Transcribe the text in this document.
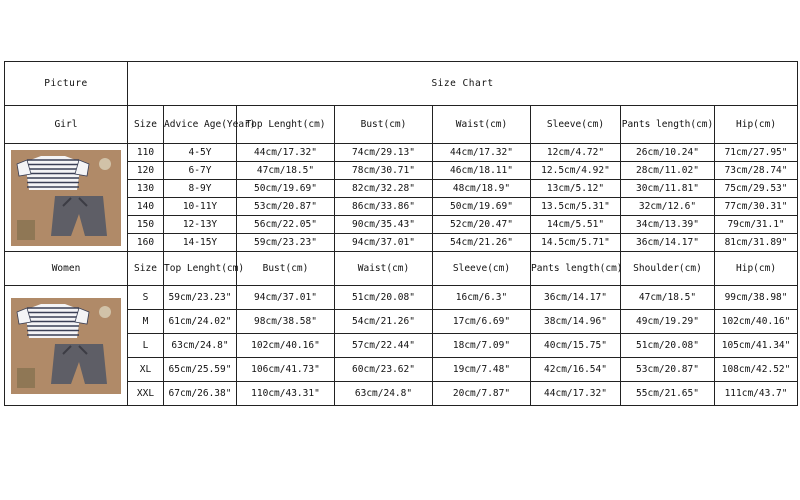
Picture	Size Chart							
Girl	Size	Advice Age(Year)	Top Lenght(cm)	Bust(cm)	Waist(cm)	Sleeve(cm)	Pants length(cm)	Hip(cm)

	110	4-5Y	44cm/17.32"	74cm/29.13"	44cm/17.32"	12cm/4.72"	26cm/10.24"	71cm/27.95"
	120	6-7Y	47cm/18.5"	78cm/30.71"	46cm/18.11"	12.5cm/4.92"	28cm/11.02"	73cm/28.74"
	130	8-9Y	50cm/19.69"	82cm/32.28"	48cm/18.9"	13cm/5.12"	30cm/11.81"	75cm/29.53"
	140	10-11Y	53cm/20.87"	86cm/33.86"	50cm/19.69"	13.5cm/5.31"	32cm/12.6"	77cm/30.31"
	150	12-13Y	56cm/22.05"	90cm/35.43"	52cm/20.47"	14cm/5.51"	34cm/13.39"	79cm/31.1"
	160	14-15Y	59cm/23.23"	94cm/37.01"	54cm/21.26"	14.5cm/5.71"	36cm/14.17"	81cm/31.89"
Women	Size	Top Lenght(cm)	Bust(cm)	Waist(cm)	Sleeve(cm)	Pants length(cm)	Shoulder(cm)	Hip(cm)

	S	59cm/23.23"	94cm/37.01"	51cm/20.08"	16cm/6.3"	36cm/14.17"	47cm/18.5"	99cm/38.98"
	M	61cm/24.02"	98cm/38.58"	54cm/21.26"	17cm/6.69"	38cm/14.96"	49cm/19.29"	102cm/40.16"
	L	63cm/24.8"	102cm/40.16"	57cm/22.44"	18cm/7.09"	40cm/15.75"	51cm/20.08"	105cm/41.34"
	XL	65cm/25.59"	106cm/41.73"	60cm/23.62"	19cm/7.48"	42cm/16.54"	53cm/20.87"	108cm/42.52"
	XXL	67cm/26.38"	110cm/43.31"	63cm/24.8"	20cm/7.87"	44cm/17.32"	55cm/21.65"	111cm/43.7"
